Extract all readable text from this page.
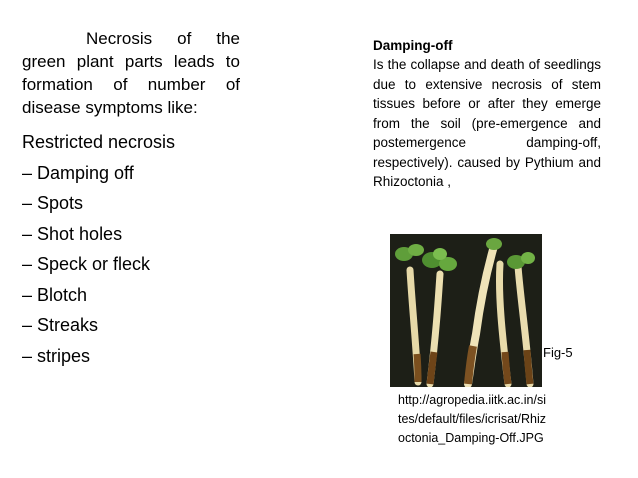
Necrosis of the green plant parts leads to formation of number of disease symptoms like:

Restricted necrosis
– Damping off
– Spots
– Shot holes
– Speck or fleck
– Blotch
– Streaks
– stripes

Damping-off

Is the collapse and death of seedlings due to extensive necrosis of stem tissues before or after they emerge from the soil (pre-emergence and postemergence damping-off, respectively). caused by Pythium and Rhizoctonia ,

Fig-5
http://agropedia.iitk.ac.in/sites/default/files/icrisat/Rhizoctonia_Damping-Off.JPG
